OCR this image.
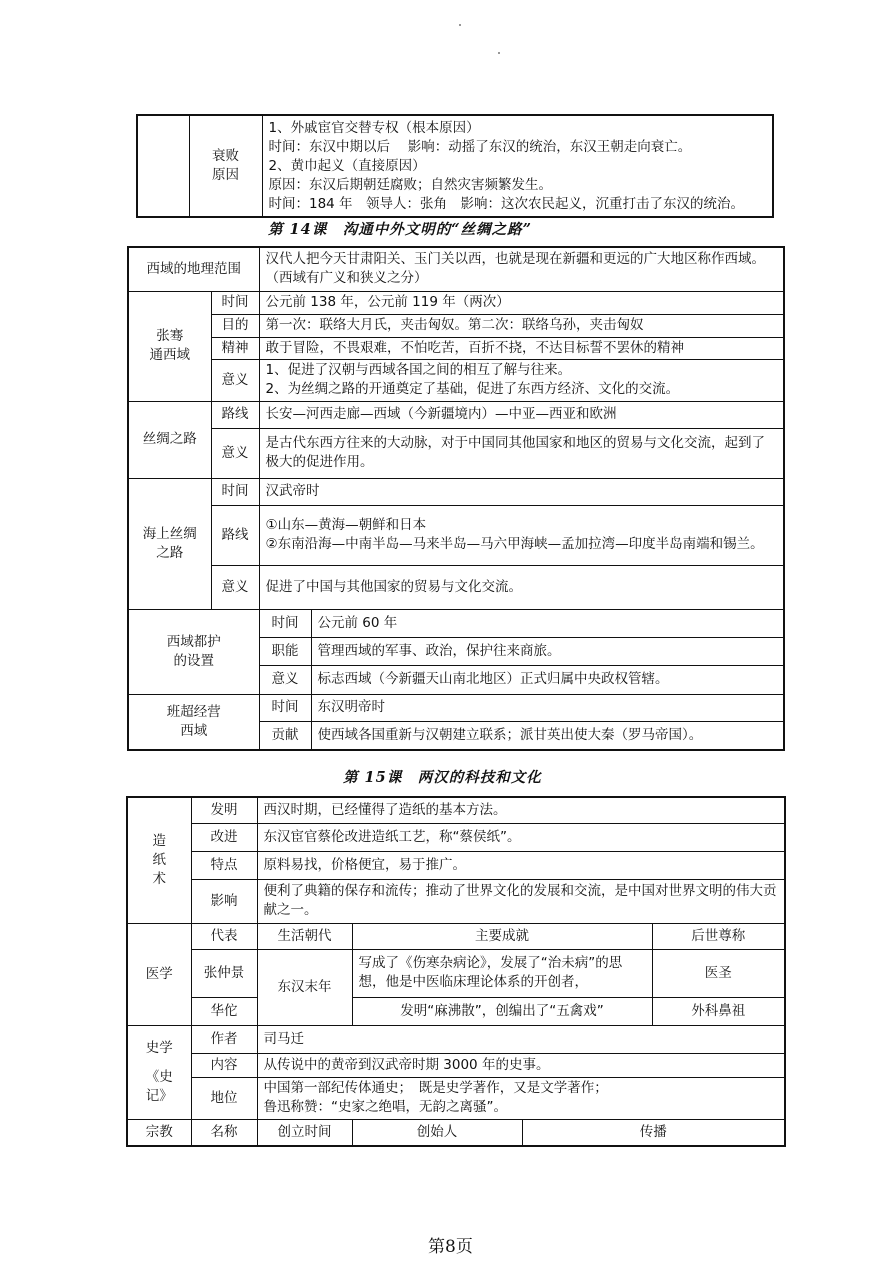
衰败
原因

1、外戚宦官交替专权（根本原因）
时间：东汉中期以后　 影响：动摇了东汉的统治，东汉王朝走向衰亡。
2、黄巾起义（直接原因）
原因：东汉后期朝廷腐败；自然灾害频繁发生。
时间：184 年　领导人：张角　影响：这次农民起义，沉重打击了东汉的统治。
第 14课　沟通中外文明的“丝绸之路”
西域的地理范围		汉代人把今天甘肃阳关、玉门关以西，也就是现在新疆和更远的广大地区称作西域。（西域有广义和狭义之分）	

张骞
通西域	时间	公元前 138 年，公元前 119 年（两次）	
	目的	第一次：联络大月氏，夹击匈奴。第二次：联络乌孙，夹击匈奴	
	精神	敢于冒险，不畏艰难，不怕吃苦，百折不挠，不达目标誓不罢休的精神	
	意义	1、促进了汉朝与西域各国之间的相互了解与往来。
2、为丝绸之路的开通奠定了基础，促进了东西方经济、文化的交流。	

丝绸之路	路线	长安—河西走廊—西域（今新疆境内）—中亚—西亚和欧洲	
	意义	是古代东西方往来的大动脉，对于中国同其他国家和地区的贸易与文化交流，起到了极大的促进作用。	

海上丝绸
之路	时间	汉武帝时	
	路线	①山东—黄海—朝鲜和日本
②东南沿海—中南半岛—马来半岛—马六甲海峡—孟加拉湾—印度半岛南端和锡兰。	

	意义	促进了中国与其他国家的贸易与文化交流。	

西域都护
的设置		时间	公元前 60 年
		职能	管理西域的军事、政治，保护往来商旅。
		意义	标志西域（今新疆天山南北地区）正式归属中央政权管辖。

班超经营
西域		时间	东汉明帝时
		贡献	使西域各国重新与汉朝建立联系；派甘英出使大秦（罗马帝国）。
第 15课　两汉的科技和文化
造
纸
术	发明	西汉时期，已经懂得了造纸的基本方法。			
	改进	东汉宦官蔡伦改进造纸工艺，称“蔡侯纸”。			
	特点	原料易找，价格便宜，易于推广。			
	影响	便利了典籍的保存和流传；推动了世界文化的发展和交流，是中国对世界文明的伟大贡献之一。			
医学	代表	生活朝代	主要成就		后世尊称
	张仲景	东汉末年	写成了《伤寒杂病论》，发展了“治未病”的思想，他是中医临床理论体系的开创者，		医圣
	华佗		发明“麻沸散”，创编出了“五禽戏”		外科鼻祖

史学
《史
记》	作者	司马迁			
	内容	从传说中的黄帝到汉武帝时期 3000 年的史事。			
	地位	中国第一部纪传体通史；　既是史学著作，又是文学著作；
鲁迅称赞：“史家之绝唱，无韵之离骚”。			

宗教	名称	创立时间	创始人	传播	
第8页
